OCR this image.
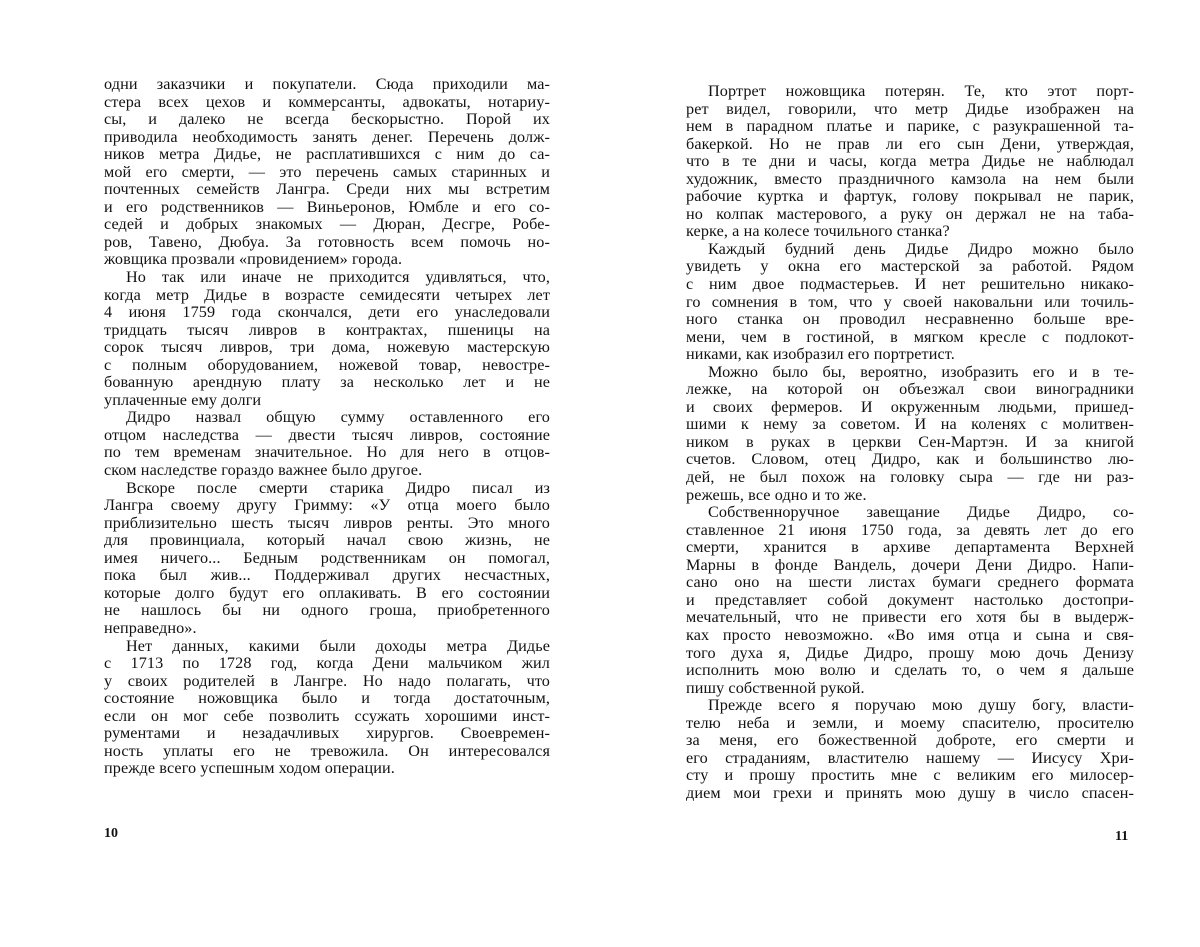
одни заказчики и покупатели. Сюда приходили ма-
стера всех цехов и коммерсанты, адвокаты, нотариу-
сы, и далеко не всегда бескорыстно. Порой их
приводила необходимость занять денег. Перечень долж-
ников метра Дидье, не расплатившихся с ним до са-
мой его смерти, — это перечень самых старинных и
почтенных семейств Лангра. Среди них мы встретим
и его родственников — Виньеронов, Юмбле и его со-
седей и добрых знакомых — Дюран, Десгре, Робе-
ров, Тавено, Дюбуа. За готовность всем помочь но-
жовщика прозвали «провидением» города.
Но так или иначе не приходится удивляться, что,
когда метр Дидье в возрасте семидесяти четырех лет
4 июня 1759 года скончался, дети его унаследовали
тридцать тысяч ливров в контрактах, пшеницы на
сорок тысяч ливров, три дома, ножевую мастерскую
с полным оборудованием, ножевой товар, невостре-
бованную арендную плату за несколько лет и не
уплаченные ему долги
Дидро назвал общую сумму оставленного его
отцом наследства — двести тысяч ливров, состояние
по тем временам значительное. Но для него в отцов-
ском наследстве гораздо важнее было другое.
Вскоре после смерти старика Дидро писал из
Лангра своему другу Гримму: «У отца моего было
приблизительно шесть тысяч ливров ренты. Это много
для провинциала, который начал свою жизнь, не
имея ничего... Бедным родственникам он помогал,
пока был жив... Поддерживал других несчастных,
которые долго будут его оплакивать. В его состоянии
не нашлось бы ни одного гроша, приобретенного
неправедно».
Нет данных, какими были доходы метра Дидье
с 1713 по 1728 год, когда Дени мальчиком жил
у своих родителей в Лангре. Но надо полагать, что
состояние ножовщика было и тогда достаточным,
если он мог себе позволить ссужать хорошими инст-
рументами и незадачливых хирургов. Своевремен-
ность уплаты его не тревожила. Он интересовался
прежде всего успешным ходом операции.
10
Портрет ножовщика потерян. Те, кто этот порт-
рет видел, говорили, что метр Дидье изображен на
нем в парадном платье и парике, с разукрашенной та-
бакеркой. Но не прав ли его сын Дени, утверждая,
что в те дни и часы, когда метра Дидье не наблюдал
художник, вместо праздничного камзола на нем были
рабочие куртка и фартук, голову покрывал не парик,
но колпак мастерового, а руку он держал не на таба-
керке, а на колесе точильного станка?
Каждый будний день Дидье Дидро можно было
увидеть у окна его мастерской за работой. Рядом
с ним двое подмастерьев. И нет решительно никако-
го сомнения в том, что у своей наковальни или точиль-
ного станка он проводил несравненно больше вре-
мени, чем в гостиной, в мягком кресле с подлокот-
никами, как изобразил его портретист.
Можно было бы, вероятно, изобразить его и в те-
лежке, на которой он объезжал свои виноградники
и своих фермеров. И окруженным людьми, пришед-
шими к нему за советом. И на коленях с молитвен-
ником в руках в церкви Сен-Мартэн. И за книгой
счетов. Словом, отец Дидро, как и большинство лю-
дей, не был похож на головку сыра — где ни раз-
режешь, все одно и то же.
Собственноручное завещание Дидье Дидро, со-
ставленное 21 июня 1750 года, за девять лет до его
смерти, хранится в архиве департамента Верхней
Марны в фонде Вандель, дочери Дени Дидро. Напи-
сано оно на шести листах бумаги среднего формата
и представляет собой документ настолько достопри-
мечательный, что не привести его хотя бы в выдерж-
ках просто невозможно. «Во имя отца и сына и свя-
того духа я, Дидье Дидро, прошу мою дочь Денизу
исполнить мою волю и сделать то, о чем я дальше
пишу собственной рукой.
Прежде всего я поручаю мою душу богу, власти-
телю неба и земли, и моему спасителю, просителю
за меня, его божественной доброте, его смерти и
его страданиям, властителю нашему — Иисусу Хри-
сту и прошу простить мне с великим его милосер-
дием мои грехи и принять мою душу в число спасен-
11
